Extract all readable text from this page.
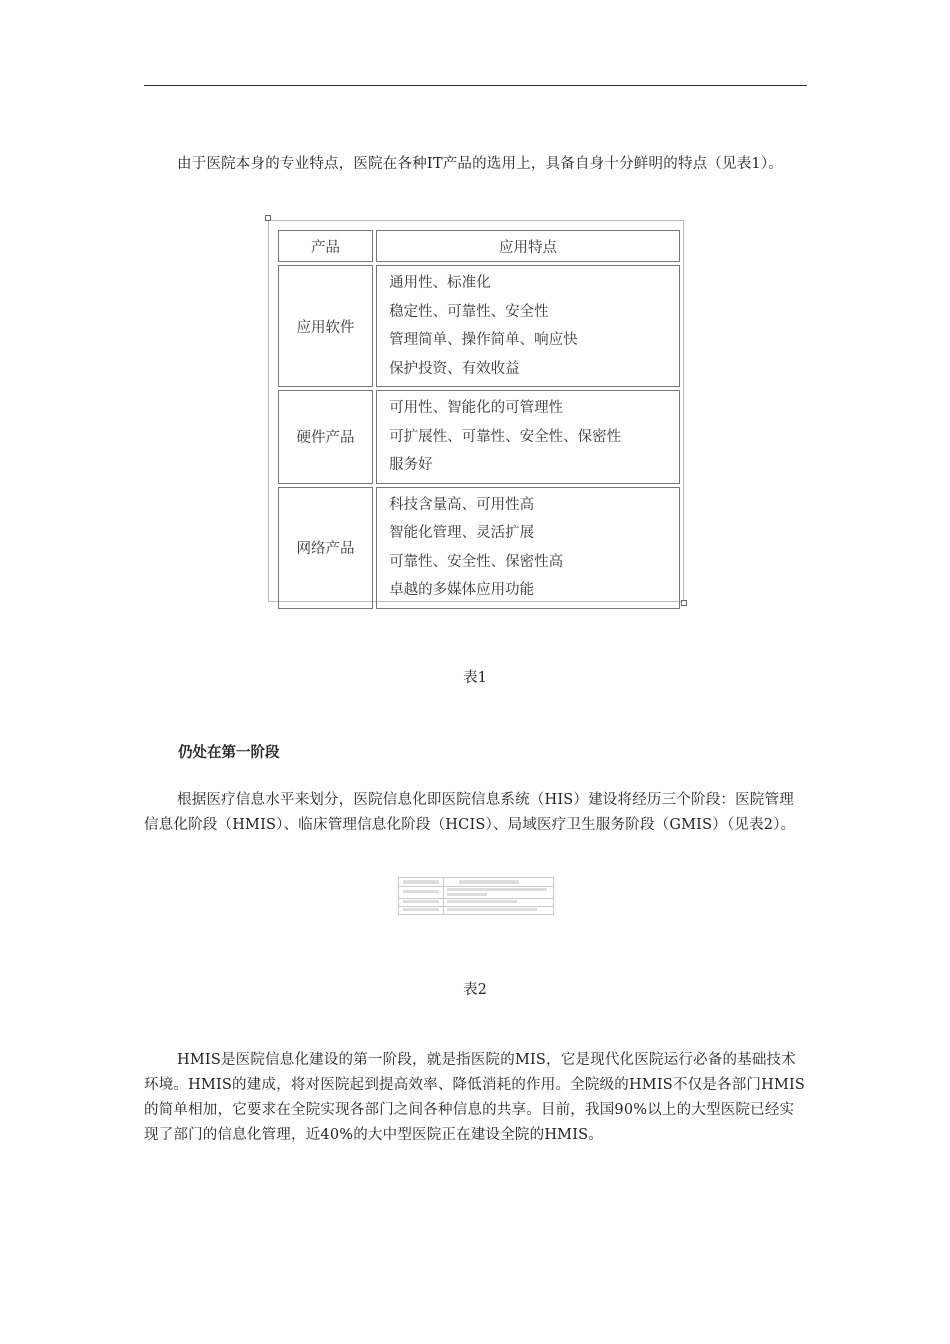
由于医院本身的专业特点，医院在各种IT产品的选用上，具备自身十分鲜明的特点（见表1）。

产品	应用特点
应用软件	通用性、标准化
稳定性、可靠性、安全性
管理简单、操作简单、响应快
保护投资、有效收益

硬件产品	可用性、智能化的可管理性
可扩展性、可靠性、安全性、保密性
服务好

网络产品	科技含量高、可用性高
智能化管理、灵活扩展
可靠性、安全性、保密性高
卓越的多媒体应用功能
表1
仍处在第一阶段

根据医疗信息水平来划分，医院信息化即医院信息系统（HIS）建设将经历三个阶段：医院管理信息化阶段（HMIS）、临床管理信息化阶段（HCIS）、局域医疗卫生服务阶段（GMIS）（见表2）。

表2

HMIS是医院信息化建设的第一阶段，就是指医院的MIS，它是现代化医院运行必备的基础技术环境。HMIS的建成，将对医院起到提高效率、降低消耗的作用。全院级的HMIS不仅是各部门HMIS的简单相加，它要求在全院实现各部门之间各种信息的共享。目前，我国90%以上的大型医院已经实现了部门的信息化管理，近40%的大中型医院正在建设全院的HMIS。
